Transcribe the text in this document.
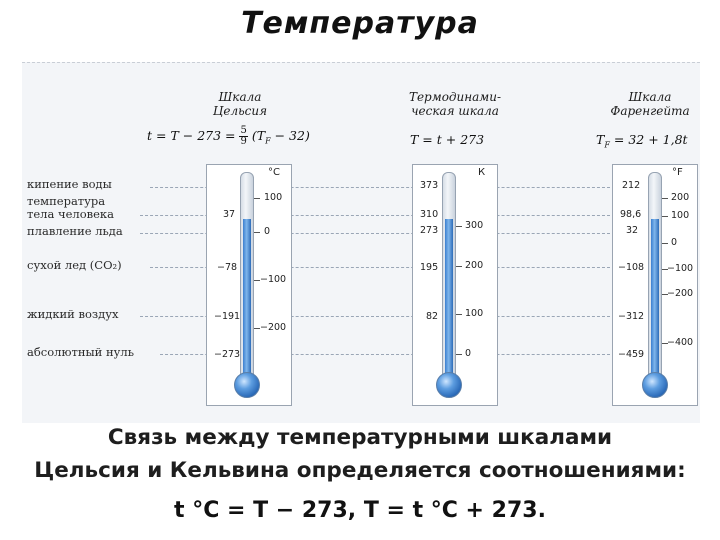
Температура
Шкала
Цельсия
Термодинами-
ческая шкала
Шкала
Фаренгейта
$t = T - 273 = \frac{5}{9} (T_F - 32)$	T = t + 273	$T_F = 32 + 1,8t$
кипение воды
температура
тела человека
плавление льда
сухой лед (CO₂)
жидкий воздух
абсолютный нуль
°C
37
−78
−191
−273
100
0
−100
−200
К
373
310
273
195
82
300
200
100
0
°F
212
98,6
32
−108
−312
−459
200
100
0
−100
−200
−400
Связь между температурными шкалами
Цельсия и Кельвина определяется соотношениями:
t °C = T − 273, T = t °C + 273.
